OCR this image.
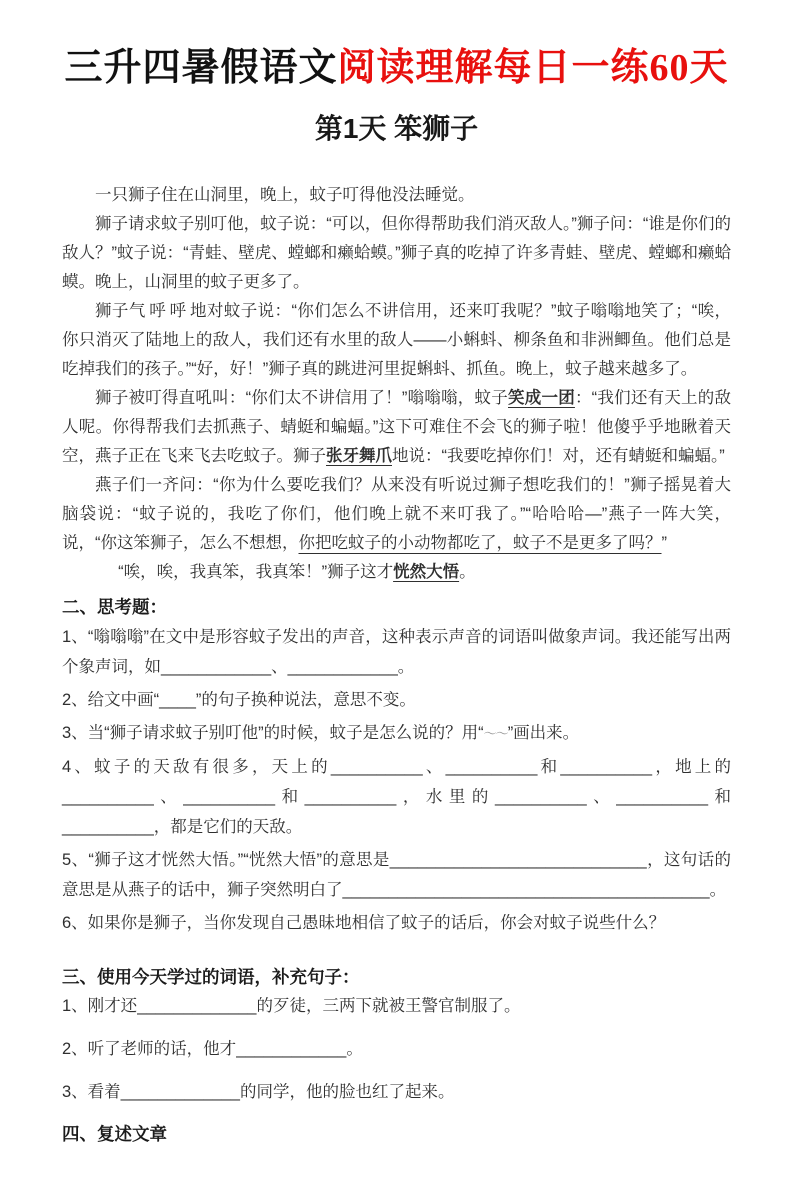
三升四暑假语文阅读理解每日一练60天
第1天 笨狮子

一只狮子住在山洞里，晚上，蚊子叮得他没法睡觉。

狮子请求蚊子别叮他，蚊子说：“可以，但你得帮助我们消灭敌人。”狮子问：“谁是你们的敌人？”蚊子说：“青蛙、壁虎、螳螂和癞蛤蟆。”狮子真的吃掉了许多青蛙、壁虎、螳螂和癞蛤蟆。晚上，山洞里的蚊子更多了。

狮子气呼呼地对蚊子说：“你们怎么不讲信用，还来叮我呢？”蚊子嗡嗡地笑了；“唉，你只消灭了陆地上的敌人，我们还有水里的敌人——小蝌蚪、柳条鱼和非洲鲫鱼。他们总是吃掉我们的孩子。”“好，好！”狮子真的跳进河里捉蝌蚪、抓鱼。晚上，蚊子越来越多了。

狮子被叮得直吼叫：“你们太不讲信用了！”嗡嗡嗡，蚊子笑成一团：“我们还有天上的敌人呢。你得帮我们去抓燕子、蜻蜓和蝙蝠。”这下可难住不会飞的狮子啦！他傻乎乎地瞅着天空，燕子正在飞来飞去吃蚊子。狮子张牙舞爪地说：“我要吃掉你们！对，还有蜻蜓和蝙蝠。”

燕子们一齐问：“你为什么要吃我们？从来没有听说过狮子想吃我们的！”狮子摇晃着大脑袋说：“蚊子说的，我吃了你们，他们晚上就不来叮我了。”“哈哈哈—”燕子一阵大笑，说，“你这笨狮子，怎么不想想，你把吃蚊子的小动物都吃了，蚊子不是更多了吗？”

“唉，唉，我真笨，我真笨！”狮子这才恍然大悟。

二、思考题：

1、“嗡嗡嗡”在文中是形容蚊子发出的声音，这种表示声音的词语叫做象声词。我还能写出两个象声词，如____________、____________。

2、给文中画“____”的句子换种说法，意思不变。

3、当“狮子请求蚊子别叮他”的时候，蚊子是怎么说的？用“～～”画出来。

4、蚊子的天敌有很多，天上的__________、__________和__________，地上的__________、__________和__________，水里的__________、__________和__________，都是它们的天敌。

5、“狮子这才恍然大悟。”“恍然大悟”的意思是____________________________，这句话的意思是从燕子的话中，狮子突然明白了________________________________________。

6、如果你是狮子，当你发现自己愚昧地相信了蚊子的话后，你会对蚊子说些什么？

三、使用今天学过的词语，补充句子：

1、刚才还_____________的歹徒，三两下就被王警官制服了。

2、听了老师的话，他才____________。

3、看着_____________的同学，他的脸也红了起来。

四、复述文章
